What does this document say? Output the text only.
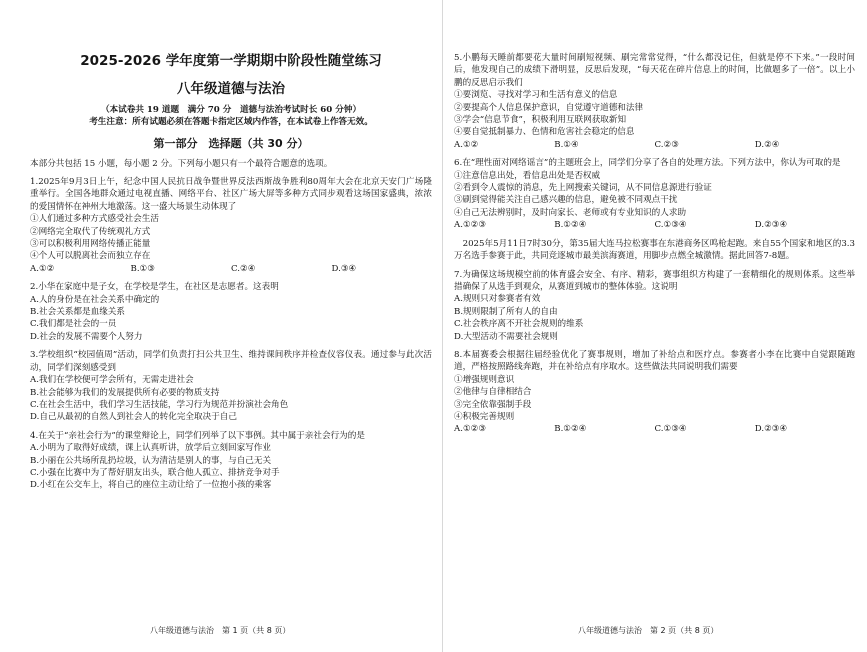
2025-2026 学年度第一学期期中阶段性随堂练习
八年级道德与法治

（本试卷共 19 道题　满分 70 分　道德与法治考试时长 60 分钟）

考生注意：所有试题必须在答题卡指定区域内作答，在本试卷上作答无效。

第一部分　选择题（共 30 分）

本部分共包括 15 小题，每小题 2 分。下列每小题只有一个最符合题意的选项。

1.2025年9月3日上午，纪念中国人民抗日战争暨世界反法西斯战争胜利80周年大会在北京天安门广场隆重举行。全国各地群众通过电视直播、网络平台、社区广场大屏等多种方式同步观看这场国家盛典，浓浓的爱国情怀在神州大地激荡。这一盛大场景生动体现了

①人们通过多种方式感受社会生活

②网络完全取代了传统观礼方式

③可以积极利用网络传播正能量

④个人可以脱离社会而独立存在

A.①②	B.①③	C.②④	D.③④

2.小华在家庭中是子女，在学校是学生，在社区是志愿者。这表明

A.人的身份是在社会关系中确定的

B.社会关系都是血缘关系

C.我们都是社会的一员

D.社会的发展不需要个人努力

3.学校组织“校园值周”活动，同学们负责打扫公共卫生、维持课间秩序并检查仪容仪表。通过参与此次活动，同学们深刻感受到

A.我们在学校便可学会所有，无需走进社会

B.社会能够为我们的发展提供所有必要的物质支持

C.在社会生活中，我们学习生活技能，学习行为规范并扮演社会角色

D.自己从最初的自然人到社会人的转化完全取决于自己

4.在关于“亲社会行为”的课堂辩论上，同学们列举了以下事例。其中属于亲社会行为的是

A.小明为了取得好成绩，课上认真听讲，放学后立刻回家写作业

B.小丽在公共场所乱扔垃圾，认为清洁是别人的事，与自己无关

C.小强在比赛中为了帮好朋友出头，联合他人孤立、排挤竞争对手

D.小红在公交车上，将自己的座位主动让给了一位抱小孩的乘客

5.小鹏每天睡前都要花大量时间刷短视频、刷完常常觉得，“什么都没记住，但就是停不下来。”一段时间后，他发现自己的成绩下滑明显，反思后发现，“每天花在碎片信息上的时间，比做题多了一倍”。以上小鹏的反思启示我们

①要浏览、寻找对学习和生活有意义的信息

②要提高个人信息保护意识，自觉遵守道德和法律

③学会“信息节食”，积极利用互联网获取新知

④要自觉抵制暴力、色情和危害社会稳定的信息

A.①②	B.①④	C.②③	D.②④

6.在“理性面对网络谣言”的主题班会上，同学们分享了各自的处理方法。下列方法中，你认为可取的是

①注意信息出处，看信息出处是否权威

②看到令人震惊的消息，先上网搜索关键词，从不同信息源进行验证

③刷到觉得能关注自己感兴趣的信息，避免被不同观点干扰

④自己无法辨别时，及时向家长、老师或有专业知识的人求助

A.①②③	B.①②④	C.①③④	D.②③④

　2025年5月11日7时30分，第35届大连马拉松赛事在东港商务区鸣枪起跑。来自55个国家和地区的3.3万名选手参赛于此，共同竞逐城市最美滨海赛道，用脚步点燃全城激情。据此回答7-8题。

7.为确保这场规模空前的体育盛会安全、有序、精彩，赛事组织方构建了一套精细化的规则体系。这些举措确保了从选手到观众，从赛道到城市的整体体验。这说明

A.规则只对参赛者有效

B.规则限制了所有人的自由

C.社会秩序离不开社会规则的维系

D.大型活动不需要社会规则

8.本届赛委会根据往届经验优化了赛事规则，增加了补给点和医疗点。参赛者小李在比赛中自觉跟随跑道，严格按照路线奔跑，并在补给点有序取水。这些做法共同说明我们需要

①增强规则意识

②他律与自律相结合

③完全依靠强制手段

④积极完善规则

A.①②③	B.①②④	C.①③④	D.②③④
八年级道德与法治　第 1 页（共 8 页）	八年级道德与法治　第 2 页（共 8 页）
